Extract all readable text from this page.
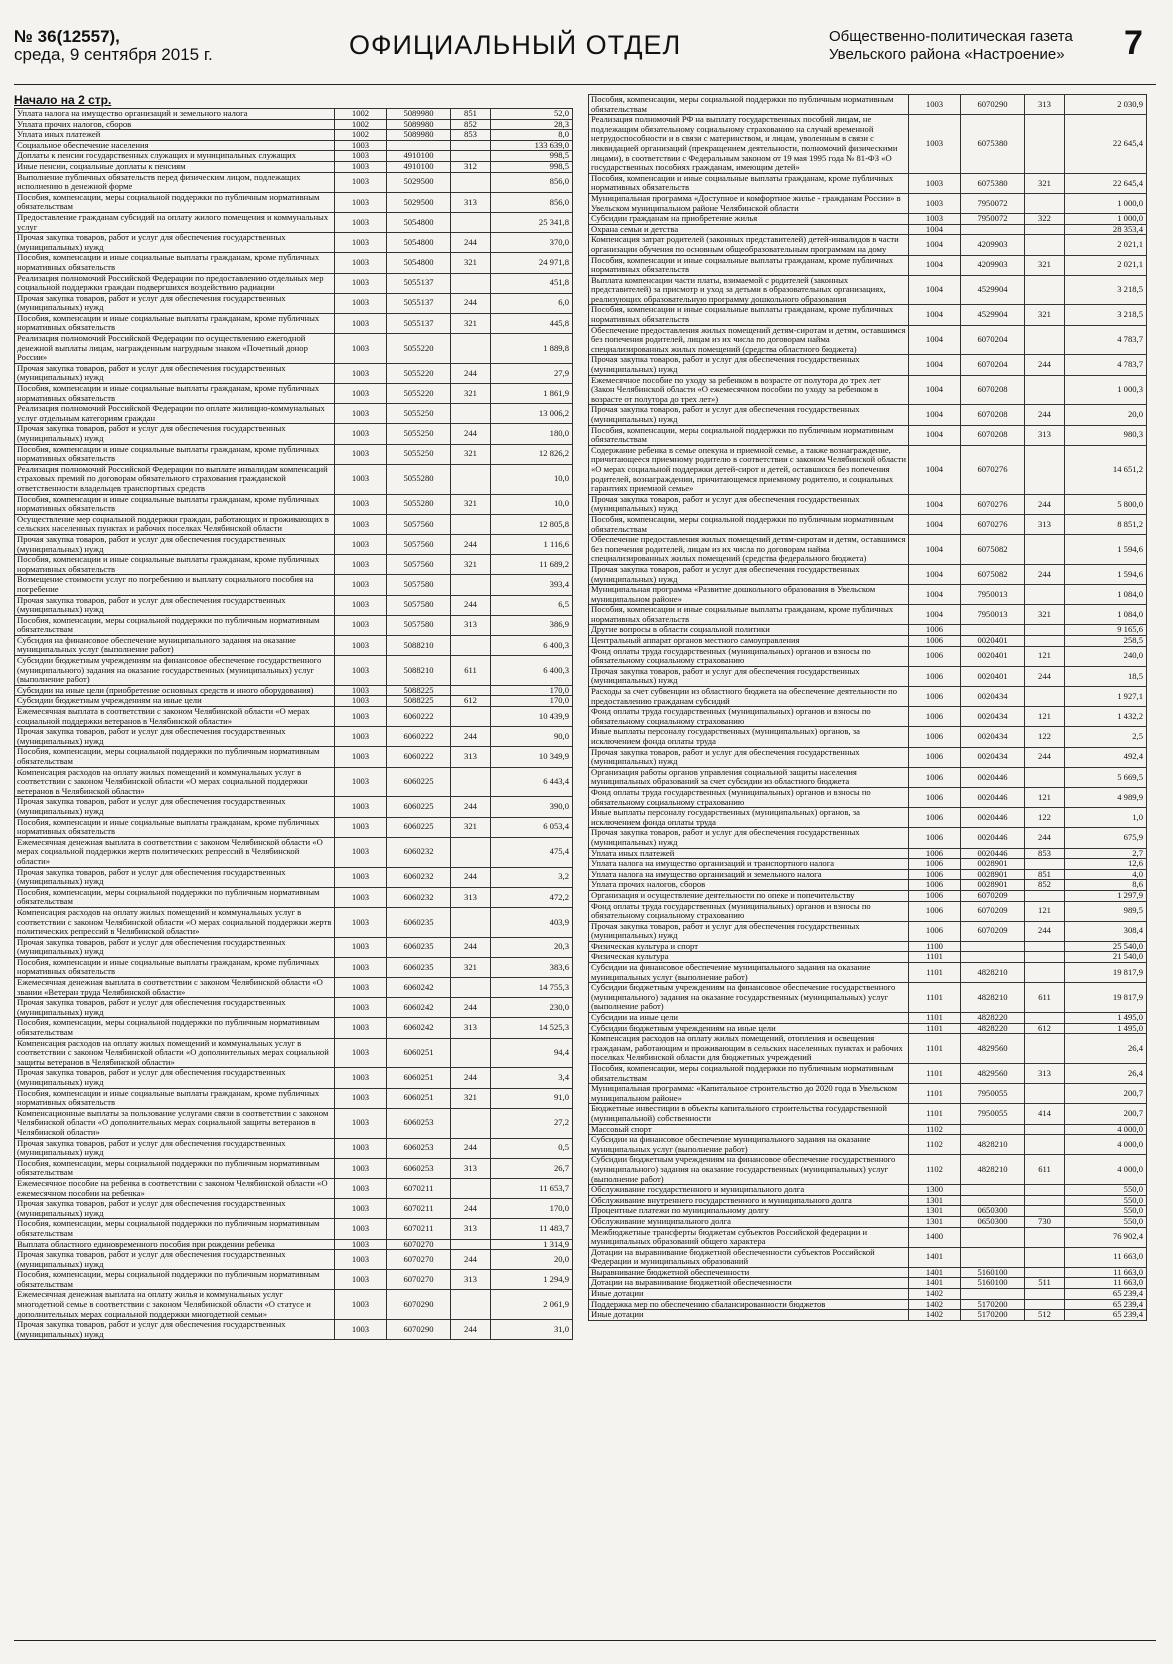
№ 36(12557),
среда, 9 сентября 2015 г.	ОФИЦИАЛЬНЫЙ ОТДЕЛ	Общественно-политическая газета
Увельского района «Настроение» 7
Начало на 2 стр.
Уплата налога на имущество организаций и земельного налога	1002	5089980	851	52,0
Уплата прочих налогов, сборов	1002	5089980	852	28,3
Уплата иных платежей	1002	5089980	853	8,0
Социальное обеспечение населения	1003			133 639,0
Доплаты к пенсии государственных служащих и муниципальных служащих	1003	4910100		998,5
Иные пенсии, социальные доплаты к пенсиям	1003	4910100	312	998,5
Выполнение публичных обязательств перед физическим лицом, подлежащих исполнению в денежной форме	1003	5029500		856,0
Пособия, компенсации, меры социальной поддержки по публичным нормативным обязательствам	1003	5029500	313	856,0
Предоставление гражданам субсидий на оплату жилого помещения и коммунальных услуг	1003	5054800		25 341,8
Прочая закупка товаров, работ и услуг для обеспечения государственных (муниципальных) нужд	1003	5054800	244	370,0
Пособия, компенсации и иные социальные выплаты гражданам, кроме публичных нормативных обязательств	1003	5054800	321	24 971,8
Реализация полномочий Российской Федерации по предоставлению отдельных мер социальной поддержки граждан подвергшихся воздействию радиации	1003	5055137		451,8
Прочая закупка товаров, работ и услуг для обеспечения государственных (муниципальных) нужд	1003	5055137	244	6,0
Пособия, компенсации и иные социальные выплаты гражданам, кроме публичных нормативных обязательств	1003	5055137	321	445,8
Реализация полномочий Российской Федерации по осуществлению ежегодной денежной выплаты лицам, награжденным нагрудным знаком «Почетный донор России»	1003	5055220		1 889,8
Прочая закупка товаров, работ и услуг для обеспечения государственных (муниципальных) нужд	1003	5055220	244	27,9
Пособия, компенсации и иные социальные выплаты гражданам, кроме публичных нормативных обязательств	1003	5055220	321	1 861,9
Реализация полномочий Российской Федерации по оплате жилищно-коммунальных услуг отдельным категориям граждан	1003	5055250		13 006,2
Прочая закупка товаров, работ и услуг для обеспечения государственных (муниципальных) нужд	1003	5055250	244	180,0
Пособия, компенсации и иные социальные выплаты гражданам, кроме публичных нормативных обязательств	1003	5055250	321	12 826,2
Реализация полномочий Российской Федерации по выплате инвалидам компенсаций страховых премий по договорам обязательного страхования гражданской ответственности владельцев транспортных средств	1003	5055280		10,0
Пособия, компенсации и иные социальные выплаты гражданам, кроме публичных нормативных обязательств	1003	5055280	321	10,0
Осуществление мер социальной поддержки граждан, работающих и проживающих в сельских населенных пунктах и рабочих поселках Челябинской области	1003	5057560		12 805,8
Прочая закупка товаров, работ и услуг для обеспечения государственных (муниципальных) нужд	1003	5057560	244	1 116,6
Пособия, компенсации и иные социальные выплаты гражданам, кроме публичных нормативных обязательств	1003	5057560	321	11 689,2
Возмещение стоимости услуг по погребению и выплату социального пособия на погребение	1003	5057580		393,4
Прочая закупка товаров, работ и услуг для обеспечения государственных (муниципальных) нужд	1003	5057580	244	6,5
Пособия, компенсации, меры социальной поддержки по публичным нормативным обязательствам	1003	5057580	313	386,9
Субсидия на финансовое обеспечение муниципального задания на оказание муниципальных услуг (выполнение работ)	1003	5088210		6 400,3
Субсидии бюджетным учреждениям на финансовое обеспечение государственного (муниципального) задания на оказание государственных (муниципальных) услуг (выполнение работ)	1003	5088210	611	6 400,3
Субсидии на иные цели (приобретение основных средств и иного оборудования)	1003	5088225		170,0
Субсидии бюджетным учреждениям на иные цели	1003	5088225	612	170,0
Ежемесячная выплата в соответствии с законом Челябинской области «О мерах социальной поддержки ветеранов в Челябинской области»	1003	6060222		10 439,9
Прочая закупка товаров, работ и услуг для обеспечения государственных (муниципальных) нужд	1003	6060222	244	90,0
Пособия, компенсации, меры социальной поддержки по публичным нормативным обязательствам	1003	6060222	313	10 349,9
Компенсация расходов на оплату жилых помещений и коммунальных услуг в соответствии с законом Челябинской области «О мерах социальной поддержки ветеранов в Челябинской области»	1003	6060225		6 443,4
Прочая закупка товаров, работ и услуг для обеспечения государственных (муниципальных) нужд	1003	6060225	244	390,0
Пособия, компенсации и иные социальные выплаты гражданам, кроме публичных нормативных обязательств	1003	6060225	321	6 053,4
Ежемесячная денежная выплата в соответствии с законом Челябинской области «О мерах социальной поддержки жертв политических репрессий в Челябинской области»	1003	6060232		475,4
Прочая закупка товаров, работ и услуг для обеспечения государственных (муниципальных) нужд	1003	6060232	244	3,2
Пособия, компенсации, меры социальной поддержки по публичным нормативным обязательствам	1003	6060232	313	472,2
Компенсация расходов на оплату жилых помещений и коммунальных услуг в соответствии с законом Челябинской области «О мерах социальной поддержки жертв политических репрессий в Челябинской области»	1003	6060235		403,9
Прочая закупка товаров, работ и услуг для обеспечения государственных (муниципальных) нужд	1003	6060235	244	20,3
Пособия, компенсации и иные социальные выплаты гражданам, кроме публичных нормативных обязательств	1003	6060235	321	383,6
Ежемесячная денежная выплата в соответствии с законом Челябинской области «О звании «Ветеран труда Челябинской области»	1003	6060242		14 755,3
Прочая закупка товаров, работ и услуг для обеспечения государственных (муниципальных) нужд	1003	6060242	244	230,0
Пособия, компенсации, меры социальной поддержки по публичным нормативным обязательствам	1003	6060242	313	14 525,3
Компенсация расходов на оплату жилых помещений и коммунальных услуг в соответствии с законом Челябинской области «О дополнительных мерах социальной защиты ветеранов в Челябинской области»	1003	6060251		94,4
Прочая закупка товаров, работ и услуг для обеспечения государственных (муниципальных) нужд	1003	6060251	244	3,4
Пособия, компенсации и иные социальные выплаты гражданам, кроме публичных нормативных обязательств	1003	6060251	321	91,0
Компенсационные выплаты за пользование услугами связи в соответствии с законом Челябинской области «О дополнительных мерах социальной защиты ветеранов в Челябинской области»	1003	6060253		27,2
Прочая закупка товаров, работ и услуг для обеспечения государственных (муниципальных) нужд	1003	6060253	244	0,5
Пособия, компенсации, меры социальной поддержки по публичным нормативным обязательствам	1003	6060253	313	26,7
Ежемесячное пособие на ребенка в соответствии с законом Челябинской области «О ежемесячном пособии на ребенка»	1003	6070211		11 653,7
Прочая закупка товаров, работ и услуг для обеспечения государственных (муниципальных) нужд	1003	6070211	244	170,0
Пособия, компенсации, меры социальной поддержки по публичным нормативным обязательствам	1003	6070211	313	11 483,7
Выплата областного единовременного пособия при рождении ребенка	1003	6070270		1 314,9
Прочая закупка товаров, работ и услуг для обеспечения государственных (муниципальных) нужд	1003	6070270	244	20,0
Пособия, компенсации, меры социальной поддержки по публичным нормативным обязательствам	1003	6070270	313	1 294,9
Ежемесячная денежная выплата на оплату жилья и коммунальных услуг многодетной семье в соответствии с законом Челябинской области «О статусе и дополнительных мерах социальной поддержки многодетной семьи»	1003	6070290		2 061,9
Прочая закупка товаров, работ и услуг для обеспечения государственных (муниципальных) нужд	1003	6070290	244	31,0
Пособия, компенсации, меры социальной поддержки по публичным нормативным обязательствам	1003	6070290	313	2 030,9
Реализация полномочий РФ на выплату государственных пособий лицам, не подлежащим обязательному социальному страхованию на случай временной нетрудоспособности и в связи с материнством, и лицам, уволенным в связи с ликвидацией организаций (прекращением деятельности, полномочий физическими лицами), в соответствии с Федеральным законом от 19 мая 1995 года № 81-ФЗ «О государственных пособиях гражданам, имеющим детей»	1003	6075380		22 645,4
Пособия, компенсации и иные социальные выплаты гражданам, кроме публичных нормативных обязательств	1003	6075380	321	22 645,4
Муниципальная программа «Доступное и комфортное жилье - гражданам России» в Увельском муниципальном районе Челябинской области	1003	7950072		1 000,0
Субсидии гражданам на приобретение жилья	1003	7950072	322	1 000,0
Охрана семьи и детства	1004			28 353,4
Компенсация затрат родителей (законных представителей) детей-инвалидов в части организации обучения по основным общеобразовательным программам на дому	1004	4209903		2 021,1
Пособия, компенсации и иные социальные выплаты гражданам, кроме публичных нормативных обязательств	1004	4209903	321	2 021,1
Выплата компенсации части платы, взимаемой с родителей (законных представителей) за присмотр и уход за детьми в образовательных организациях, реализующих образовательную программу дошкольного образования	1004	4529904		3 218,5
Пособия, компенсации и иные социальные выплаты гражданам, кроме публичных нормативных обязательств	1004	4529904	321	3 218,5
Обеспечение предоставления жилых помещений детям-сиротам и детям, оставшимся без попечения родителей, лицам из их числа по договорам найма специализированных жилых помещений (средства областного бюджета)	1004	6070204		4 783,7
Прочая закупка товаров, работ и услуг для обеспечения государственных (муниципальных) нужд	1004	6070204	244	4 783,7
Ежемесячное пособие по уходу за ребенком в возрасте от полутора до трех лет (Закон Челябинской области «О ежемесячном пособии по уходу за ребенком в возрасте от полутора до трех лет»)	1004	6070208		1 000,3
Прочая закупка товаров, работ и услуг для обеспечения государственных (муниципальных) нужд	1004	6070208	244	20,0
Пособия, компенсации, меры социальной поддержки по публичным нормативным обязательствам	1004	6070208	313	980,3
Содержание ребенка в семье опекуна и приемной семье, а также вознаграждение, причитающееся приемному родителю в соответствии с законом Челябинской области «О мерах социальной поддержки детей-сирот и детей, оставшихся без попечения родителей, вознаграждении, причитающемся приемному родителю, и социальных гарантиях приемной семье»	1004	6070276		14 651,2
Прочая закупка товаров, работ и услуг для обеспечения государственных (муниципальных) нужд	1004	6070276	244	5 800,0
Пособия, компенсации, меры социальной поддержки по публичным нормативным обязательствам	1004	6070276	313	8 851,2
Обеспечение предоставления жилых помещений детям-сиротам и детям, оставшимся без попечения родителей, лицам из их числа по договорам найма специализированных жилых помещений (средства федерального бюджета)	1004	6075082		1 594,6
Прочая закупка товаров, работ и услуг для обеспечения государственных (муниципальных) нужд	1004	6075082	244	1 594,6
Муниципальная программа «Развитие дошкольного образования в Увельском муниципальном районе»	1004	7950013		1 084,0
Пособия, компенсации и иные социальные выплаты гражданам, кроме публичных нормативных обязательств	1004	7950013	321	1 084,0
Другие вопросы в области социальной политики	1006			9 165,6
Центральный аппарат органов местного самоуправления	1006	0020401		258,5
Фонд оплаты труда государственных (муниципальных) органов и взносы по обязательному социальному страхованию	1006	0020401	121	240,0
Прочая закупка товаров, работ и услуг для обеспечения государственных (муниципальных) нужд	1006	0020401	244	18,5
Расходы за счет субвенции из областного бюджета на обеспечение деятельности по предоставлению гражданам субсидий	1006	0020434		1 927,1
Фонд оплаты труда государственных (муниципальных) органов и взносы по обязательному социальному страхованию	1006	0020434	121	1 432,2
Иные выплаты персоналу государственных (муниципальных) органов, за исключением фонда оплаты труда	1006	0020434	122	2,5
Прочая закупка товаров, работ и услуг для обеспечения государственных (муниципальных) нужд	1006	0020434	244	492,4
Организация работы органов управления социальной защиты населения муниципальных образований за счет субсидии из областного бюджета	1006	0020446		5 669,5
Фонд оплаты труда государственных (муниципальных) органов и взносы по обязательному социальному страхованию	1006	0020446	121	4 989,9
Иные выплаты персоналу государственных (муниципальных) органов, за исключением фонда оплаты труда	1006	0020446	122	1,0
Прочая закупка товаров, работ и услуг для обеспечения государственных (муниципальных) нужд	1006	0020446	244	675,9
Уплата иных платежей	1006	0020446	853	2,7
Уплата налога на имущество организаций и транспортного налога	1006	0028901		12,6
Уплата налога на имущество организаций и земельного налога	1006	0028901	851	4,0
Уплата прочих налогов, сборов	1006	0028901	852	8,6
Организация и осуществление деятельности по опеке и попечительству	1006	6070209		1 297,9
Фонд оплаты труда государственных (муниципальных) органов и взносы по обязательному социальному страхованию	1006	6070209	121	989,5
Прочая закупка товаров, работ и услуг для обеспечения государственных (муниципальных) нужд	1006	6070209	244	308,4
Физическая культура и спорт	1100			25 540,0
Физическая культура	1101			21 540,0
Субсидии на финансовое обеспечение муниципального задания на оказание муниципальных услуг (выполнение работ)	1101	4828210		19 817,9
Субсидии бюджетным учреждениям на финансовое обеспечение государственного (муниципального) задания на оказание государственных (муниципальных) услуг (выполнение работ)	1101	4828210	611	19 817,9
Субсидии на иные цели	1101	4828220		1 495,0
Субсидии бюджетным учреждениям на иные цели	1101	4828220	612	1 495,0
Компенсация расходов на оплату жилых помещений, отопления и освещения гражданам, работающим и проживающим в сельских населенных пунктах и рабочих поселках Челябинской области для бюджетных учреждений	1101	4829560		26,4
Пособия, компенсации, меры социальной поддержки по публичным нормативным обязательствам	1101	4829560	313	26,4
Муниципальная программа: «Капитальное строительство до 2020 года в Увельском муниципальном районе»	1101	7950055		200,7
Бюджетные инвестиции в объекты капитального строительства государственной (муниципальной) собственности	1101	7950055	414	200,7
Массовый спорт	1102			4 000,0
Субсидии на финансовое обеспечение муниципального задания на оказание муниципальных услуг (выполнение работ)	1102	4828210		4 000,0
Субсидии бюджетным учреждениям на финансовое обеспечение государственного (муниципального) задания на оказание государственных (муниципальных) услуг (выполнение работ)	1102	4828210	611	4 000,0
Обслуживание государственного и муниципального долга	1300			550,0
Обслуживание внутреннего государственного и муниципального долга	1301			550,0
Процентные платежи по муниципальному долгу	1301	0650300		550,0
Обслуживание муниципального долга	1301	0650300	730	550,0
Межбюджетные трансферты бюджетам субъектов Российской федерации и муниципальных образований общего характера	1400			76 902,4
Дотации на выравнивание бюджетной обеспеченности субъектов Российской Федерации и муниципальных образований	1401			11 663,0
Выравнивание бюджетной обеспеченности	1401	5160100		11 663,0
Дотации на выравнивание бюджетной обеспеченности	1401	5160100	511	11 663,0
Иные дотации	1402			65 239,4
Поддержка мер по обеспечению сбалансированности бюджетов	1402	5170200		65 239,4
Иные дотации	1402	5170200	512	65 239,4
